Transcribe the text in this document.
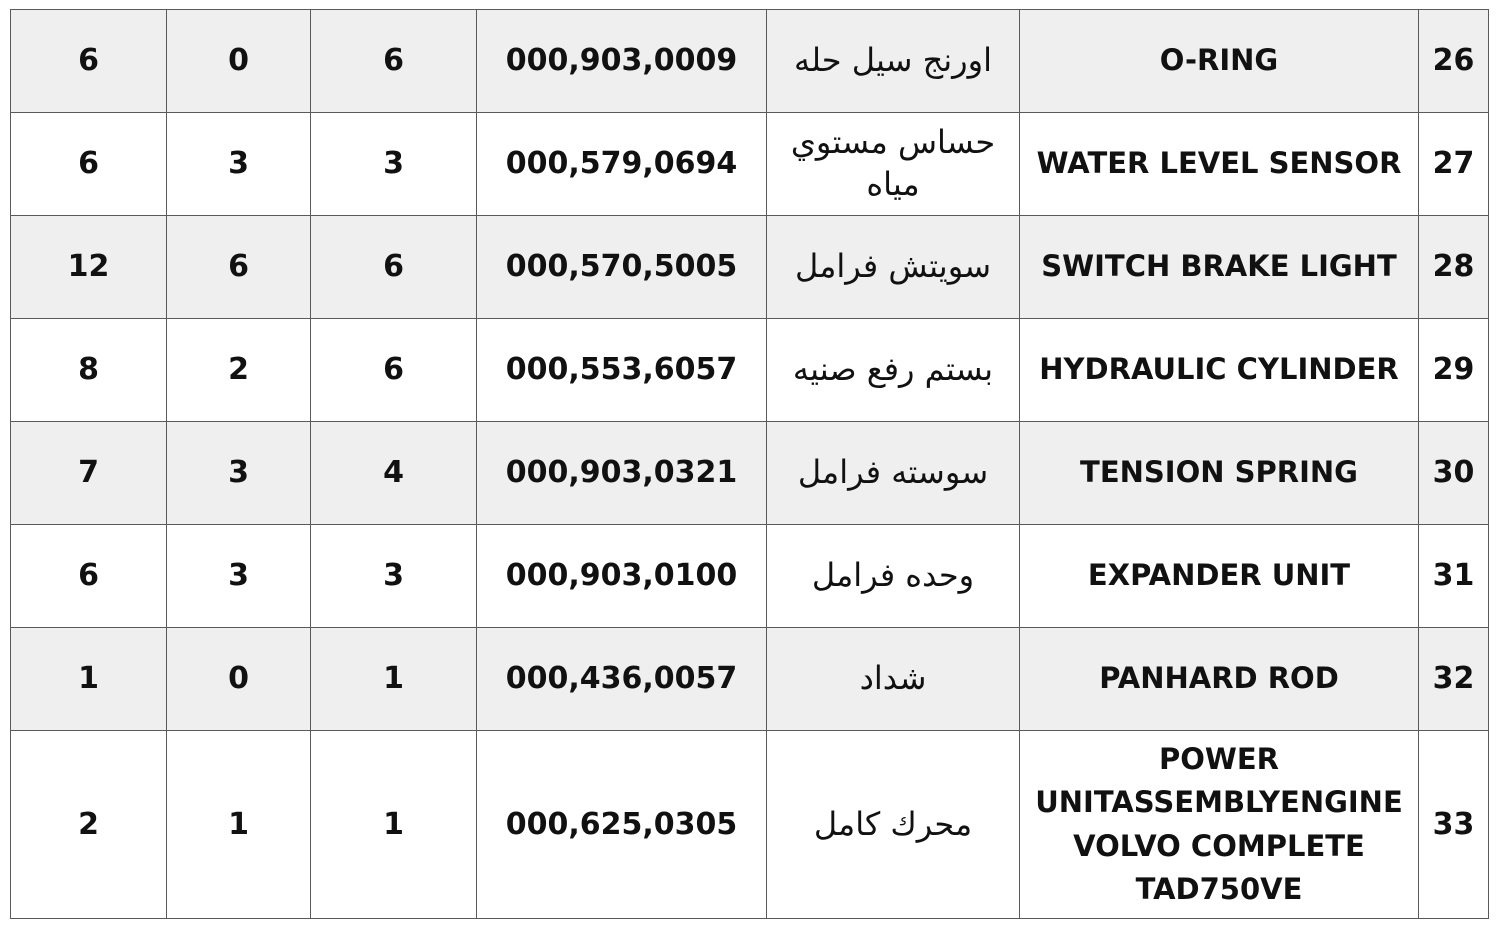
6	0	6	000,903,0009	اورنج سيل حله	O-RING	26
6	3	3	000,579,0694	حساس مستوي مياه	WATER LEVEL SENSOR	27
12	6	6	000,570,5005	سويتش فرامل	SWITCH BRAKE LIGHT	28
8	2	6	000,553,6057	بستم رفع صنيه	HYDRAULIC CYLINDER	29
7	3	4	000,903,0321	سوسته فرامل	TENSION SPRING	30
6	3	3	000,903,0100	وحده فرامل	EXPANDER UNIT	31
1	0	1	000,436,0057	شداد	PANHARD ROD	32
2	1	1	000,625,0305	محرك كامل	POWER UNITASSEMBLYENGINE VOLVO COMPLETE TAD750VE	33
